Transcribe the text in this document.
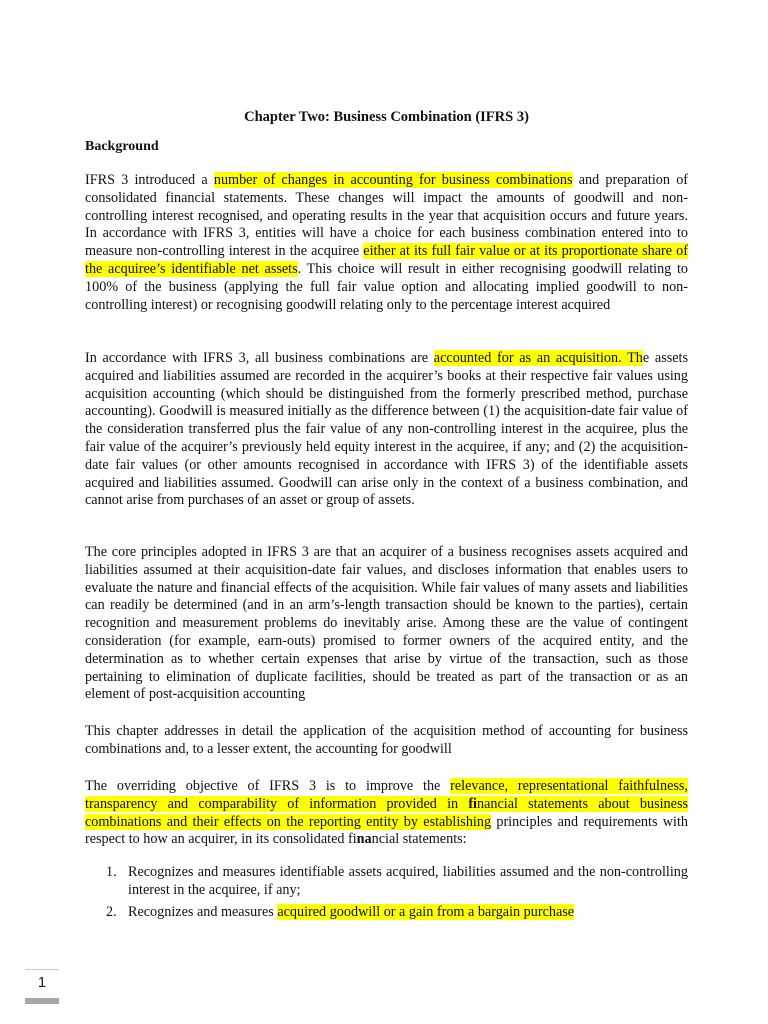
Chapter Two: Business Combination (IFRS 3)
Background
IFRS 3 introduced a number of changes in accounting for business combinations and preparation of consolidated financial statements. These changes will impact the amounts of goodwill and non-controlling interest recognised, and operating results in the year that acquisition occurs and future years. In accordance with IFRS 3, entities will have a choice for each business combination entered into to measure non-controlling interest in the acquiree either at its full fair value or at its proportionate share of the acquiree’s identifiable net assets. This choice will result in either recognising goodwill relating to 100% of the business (applying the full fair value option and allocating implied goodwill to non-controlling interest) or recognising goodwill relating only to the percentage interest acquired
In accordance with IFRS 3, all business combinations are accounted for as an acquisition. The assets acquired and liabilities assumed are recorded in the acquirer’s books at their respective fair values using acquisition accounting (which should be distinguished from the formerly prescribed method, purchase accounting). Goodwill is measured initially as the difference between (1) the acquisition-date fair value of the consideration transferred plus the fair value of any non-controlling interest in the acquiree, plus the fair value of the acquirer’s previously held equity interest in the acquiree, if any; and (2) the acquisition-date fair values (or other amounts recognised in accordance with IFRS 3) of the identifiable assets acquired and liabilities assumed. Goodwill can arise only in the context of a business combination, and cannot arise from purchases of an asset or group of assets.
The core principles adopted in IFRS 3 are that an acquirer of a business recognises assets acquired and liabilities assumed at their acquisition-date fair values, and discloses information that enables users to evaluate the nature and financial effects of the acquisition. While fair values of many assets and liabilities can readily be determined (and in an arm’s-length transaction should be known to the parties), certain recognition and measurement problems do inevitably arise. Among these are the value of contingent consideration (for example, earn-outs) promised to former owners of the acquired entity, and the determination as to whether certain expenses that arise by virtue of the transaction, such as those pertaining to elimination of duplicate facilities, should be treated as part of the transaction or as an element of post-acquisition accounting
This chapter addresses in detail the application of the acquisition method of accounting for business combinations and, to a lesser extent, the accounting for goodwill
The overriding objective of IFRS 3 is to improve the relevance, representational faithfulness, transparency and comparability of information provided in financial statements about business combinations and their effects on the reporting entity by establishing principles and requirements with respect to how an acquirer, in its consolidated financial statements:
1. Recognizes and measures identifiable assets acquired, liabilities assumed and the non-controlling interest in the acquiree, if any;
2. Recognizes and measures acquired goodwill or a gain from a bargain purchase
1
